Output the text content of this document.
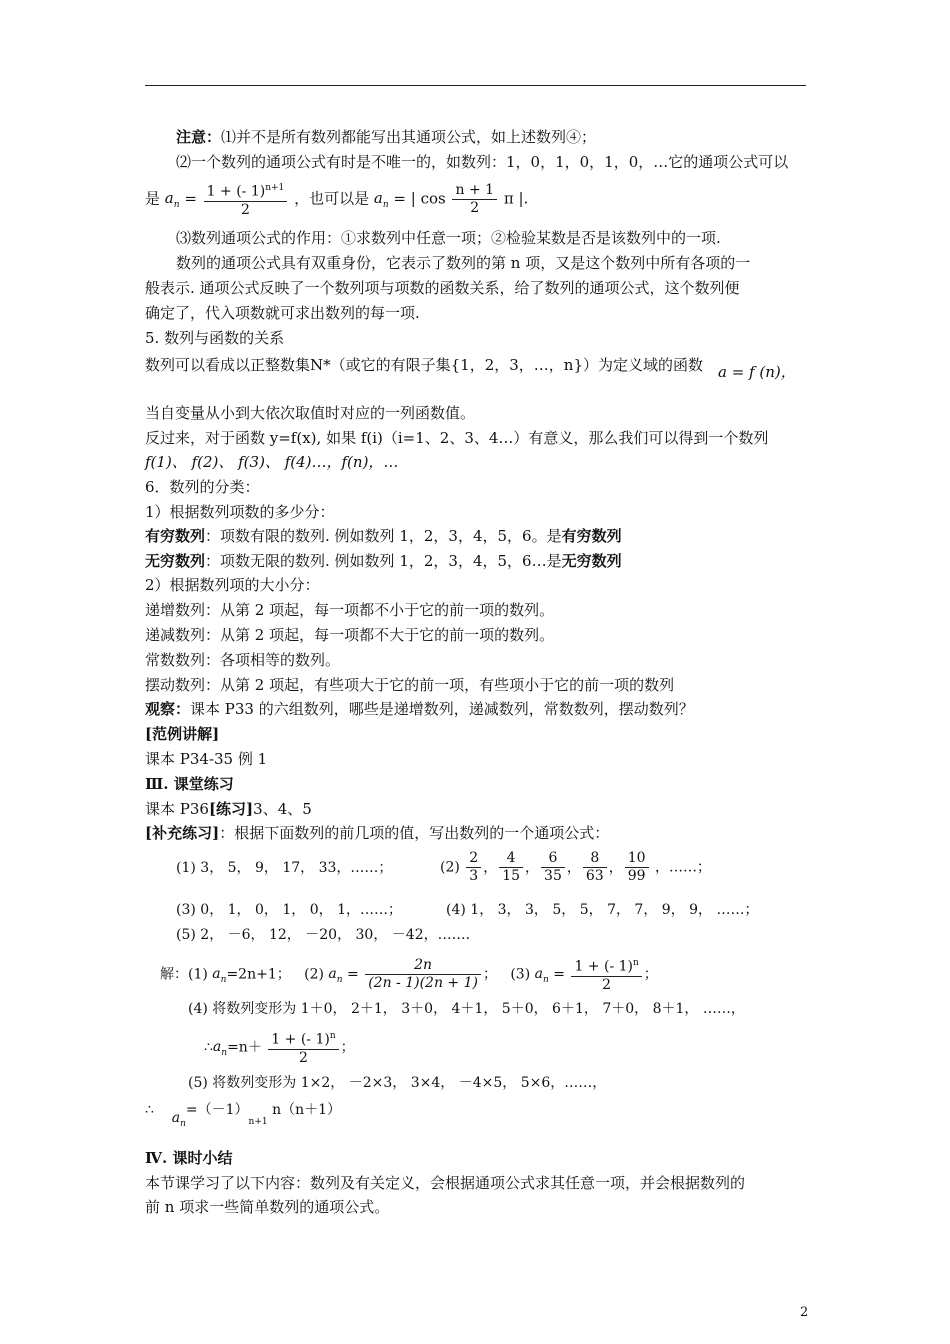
注意：⑴并不是所有数列都能写出其通项公式，如上述数列④；
⑵一个数列的通项公式有时是不唯一的，如数列：1，0，1，0，1，0，…它的通项公式可以
是 $a_n = \frac{1 + (- 1)^{n+1}}{2}$ ，也可以是 $a_n$ = | $\cos \frac{n + 1}{2}$ π |.
⑶数列通项公式的作用：①求数列中任意一项；②检验某数是否是该数列中的一项.
数列的通项公式具有双重身份，它表示了数列的第 n 项，又是这个数列中所有各项的一
般表示. 通项公式反映了一个数列项与项数的函数关系，给了数列的通项公式，这个数列便
确定了，代入项数就可求出数列的每一项.
5. 数列与函数的关系
数列可以看成以正整数集N*（或它的有限子集{1，2，3，…，n}）为定义域的函数 a = f (n)，
当自变量从小到大依次取值时对应的一列函数值。
反过来，对于函数 y=f(x), 如果 f(i)（i=1、2、3、4…）有意义，那么我们可以得到一个数列
f(1)、 f(2)、 f(3)、 f(4)…，f(n)，…
6．数列的分类：
1）根据数列项数的多少分：
有穷数列：项数有限的数列. 例如数列 1，2，3，4，5，6。是有穷数列
无穷数列：项数无限的数列. 例如数列 1，2，3，4，5，6…是无穷数列
2）根据数列项的大小分：
递增数列：从第 2 项起，每一项都不小于它的前一项的数列。
递减数列：从第 2 项起，每一项都不大于它的前一项的数列。
常数数列：各项相等的数列。
摆动数列：从第 2 项起，有些项大于它的前一项，有些项小于它的前一项的数列
观察：课本 P33 的六组数列，哪些是递增数列，递减数列，常数数列，摆动数列？
[范例讲解]
课本 P34-35 例 1
Ⅲ. 课堂练习
课本 P36[练习]3、4、5
[补充练习]：根据下面数列的前几项的值，写出数列的一个通项公式：
(1) 3， 5， 9， 17， 33，……；	$(2) \frac{2}{3}$ ， $\frac{4}{15}$ ， $\frac{6}{35}$ ， $\frac{8}{63}$ ， $\frac{10}{99}$ ，……；
(3) 0， 1， 0， 1， 0， 1，……；	(4) 1， 3， 3， 5， 5， 7， 7， 9， 9， ……；
(5) 2， －6， 12， －20， 30， －42，…….
解：(1) $a_n=2n+1$； (2) $a_n = \frac{2n}{(2n - 1)(2n + 1)}$ ； (3) $a_n = \frac{1 + (- 1)^n}{2}$ ；
(4) 将数列变形为 1＋0， 2＋1， 3＋0， 4＋1， 5＋0， 6＋1， 7＋0， 8＋1， ……，
$\therefore a_n=n+ \frac{1 + (- 1)^n}{2}$ ；
(5) 将数列变形为 1×2， －2×3， 3×4， －4×5， 5×6，……，
∴ $a_n=(-1)_{n+1}$ n（n＋1）
Ⅳ. 课时小结
本节课学习了以下内容：数列及有关定义，会根据通项公式求其任意一项，并会根据数列的
前 n 项求一些简单数列的通项公式。
2
